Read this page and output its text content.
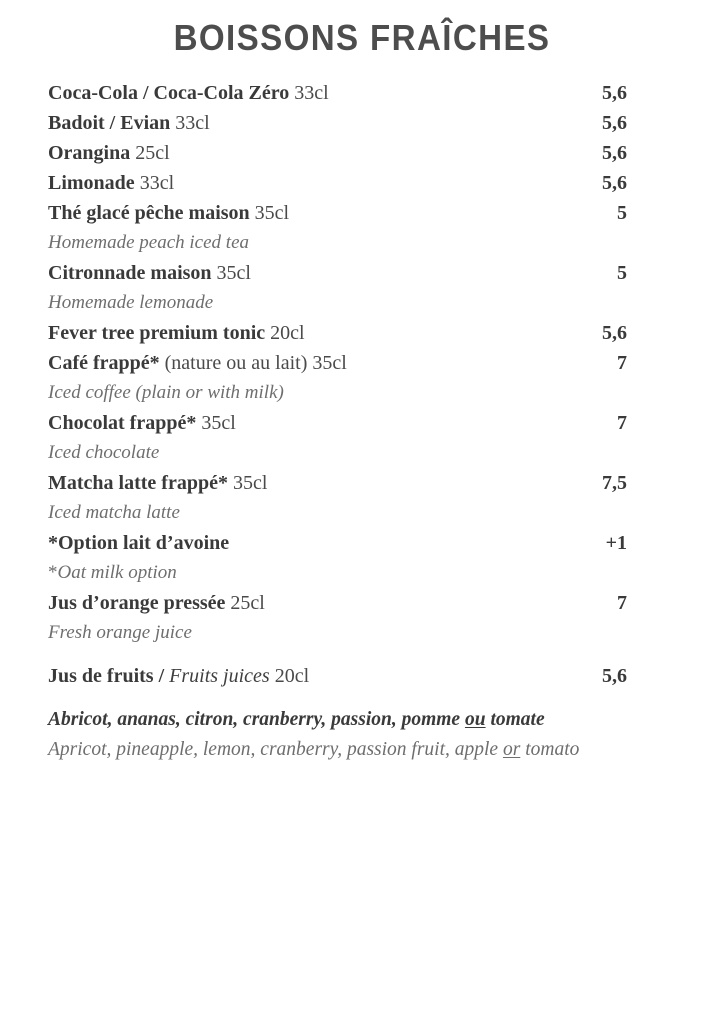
BOISSONS FRAÎCHES
Coca-Cola / Coca-Cola Zéro 33cl	5,6
Badoit / Evian 33cl	5,6
Orangina 25cl	5,6
Limonade 33cl	5,6
Thé glacé pêche maison 35cl	5
Homemade peach iced tea
Citronnade maison 35cl	5
Homemade lemonade
Fever tree premium tonic 20cl	5,6
Café frappé* (nature ou au lait) 35cl	7
Iced coffee (plain or with milk)
Chocolat frappé* 35cl	7
Iced chocolate
Matcha latte frappé* 35cl	7,5
Iced matcha latte
*Option lait d’avoine	+1
*Oat milk option
Jus d’orange pressée 25cl	7
Fresh orange juice
Jus de fruits / Fruits juices 20cl	5,6
Abricot, ananas, citron, cranberry, passion, pomme ou tomate
Apricot, pineapple, lemon, cranberry, passion fruit, apple or tomato
